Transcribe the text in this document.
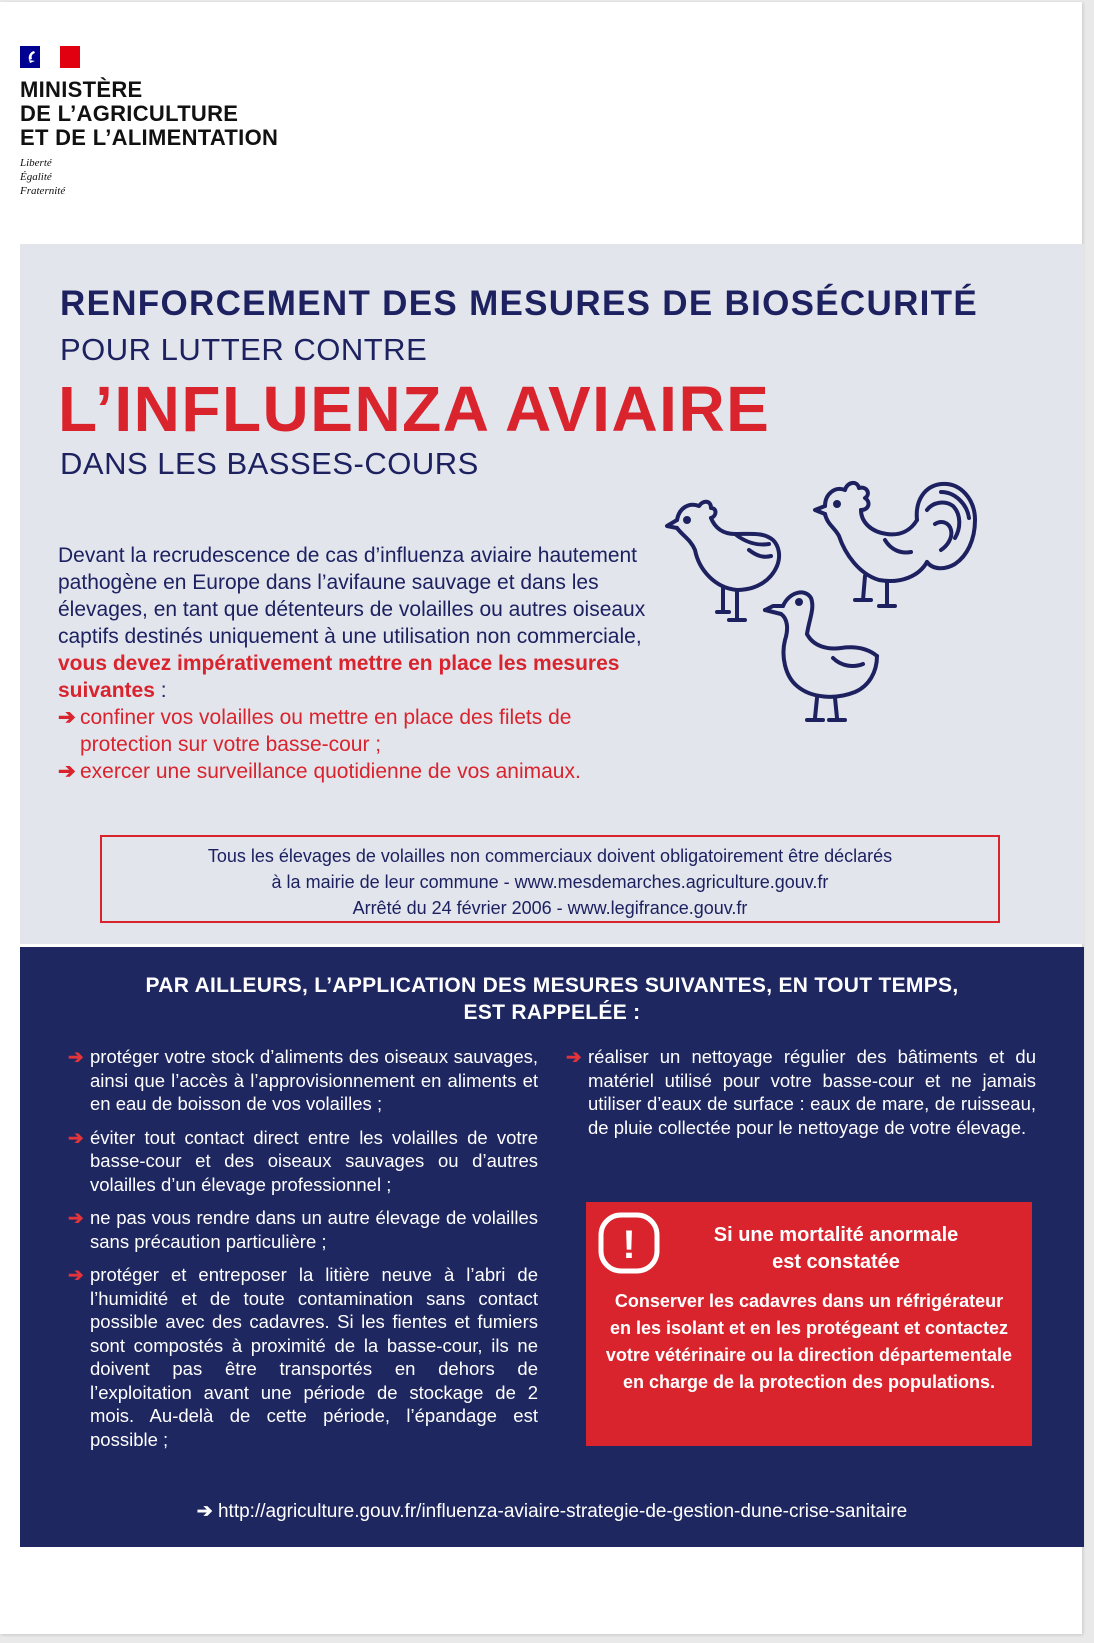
MINISTÈRE
DE L’AGRICULTURE
ET DE L’ALIMENTATION
Liberté
Égalité
Fraternité
RENFORCEMENT DES MESURES DE BIOSÉCURITÉ
POUR LUTTER CONTRE
L’INFLUENZA AVIAIRE
DANS LES BASSES-COURS
Devant la recrudescence de cas d’influenza aviaire hautement pathogène en Europe dans l’avifaune sauvage et dans les élevages, en tant que détenteurs de volailles ou autres oiseaux captifs destinés uniquement à une utilisation non commerciale, vous devez impérativement mettre en place les mesures suivantes :
➔ confiner vos volailles ou mettre en place des filets de protection sur votre basse-cour ;
➔ exercer une surveillance quotidienne de vos animaux.
Tous les élevages de volailles non commerciaux doivent obligatoirement être déclarés
à la mairie de leur commune - www.mesdemarches.agriculture.gouv.fr
Arrêté du 24 février 2006 - www.legifrance.gouv.fr
PAR AILLEURS, L’APPLICATION DES MESURES SUIVANTES, EN TOUT TEMPS,
EST RAPPELÉE :
➔ protéger votre stock d’aliments des oiseaux sauvages, ainsi que l’accès à l’approvisionnement en aliments et en eau de boisson de vos volailles ;
➔ éviter tout contact direct entre les volailles de votre basse-cour et des oiseaux sauvages ou d’autres volailles d’un élevage professionnel ;
➔ ne pas vous rendre dans un autre élevage de volailles sans précaution particulière ;
➔ protéger et entreposer la litière neuve à l’abri de l’humidité et de toute contamination sans contact possible avec des cadavres. Si les fientes et fumiers sont compostés à proximité de la basse-cour, ils ne doivent pas être transportés en dehors de l’exploitation avant une période de stockage de 2 mois. Au-delà de cette période, l’épandage est possible ;
➔ réaliser un nettoyage régulier des bâtiments et du matériel utilisé pour votre basse-cour et ne jamais utiliser d’eaux de surface : eaux de mare, de ruisseau, de pluie collectée pour le nettoyage de votre élevage.
!	Si une mortalité anormale
est constatée
Conserver les cadavres dans un réfrigérateur en les isolant et en les protégeant et contactez votre vétérinaire ou la direction départementale en charge de la protection des populations.
➔ http://agriculture.gouv.fr/influenza-aviaire-strategie-de-gestion-dune-crise-sanitaire
